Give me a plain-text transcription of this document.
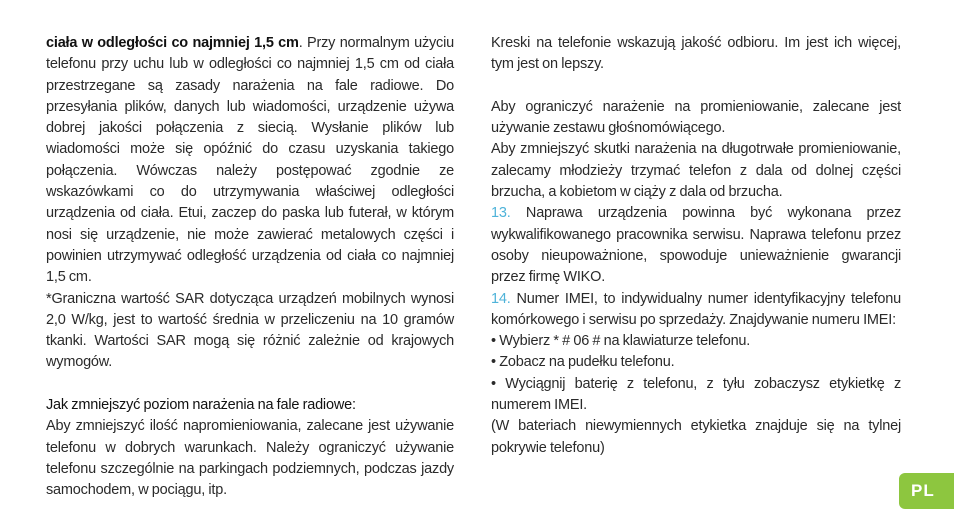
ciała w odległości co najmniej 1,5 cm. Przy normalnym użyciu telefonu przy uchu lub w odległości co najmniej 1,5 cm od ciała przestrzegane są zasady narażenia na fale radiowe. Do przesyłania plików, danych lub wiadomości, urządzenie używa dobrej jakości połączenia z siecią. Wysłanie plików lub wiadomości może się opóźnić do czasu uzyskania takiego połączenia. Wówczas należy postępować zgodnie ze wskazówkami co do utrzymywania właściwej odległości urządzenia od ciała. Etui, zaczep do paska lub futerał, w którym nosi się urządzenie, nie może zawierać metalowych części i powinien utrzymywać odległość urządzenia od ciała co najmniej 1,5 cm.

*Graniczna wartość SAR dotycząca urządzeń mobilnych wynosi 2,0 W/kg, jest to wartość średnia w przeliczeniu na 10 gramów tkanki. Wartości SAR mogą się różnić zależnie od krajowych wymogów.

Jak zmniejszyć poziom narażenia na fale radiowe:

Aby zmniejszyć ilość napromieniowania, zalecane jest używanie telefonu w dobrych warunkach. Należy ograniczyć używanie telefonu szczególnie na parkingach podziemnych, podczas jazdy samochodem, w pociągu, itp.

Kreski na telefonie wskazują jakość odbioru. Im jest ich więcej, tym jest on lepszy.

Aby ograniczyć narażenie na promieniowanie, zalecane jest używanie zestawu głośnomówiącego.

Aby zmniejszyć skutki narażenia na długotrwałe promieniowanie, zalecamy młodzieży trzymać telefon z dala od dolnej części brzucha, a kobietom w ciąży z dala od brzucha.

13. Naprawa urządzenia powinna być wykonana przez wykwalifikowanego pracownika serwisu. Naprawa telefonu przez osoby nieupoważnione, spowoduje unieważnienie gwarancji przez firmę WIKO.

14. Numer IMEI, to indywidualny numer identyfikacyjny telefonu komórkowego i serwisu po sprzedaży. Znajdywanie numeru IMEI:

• Wybierz * # 06 # na klawiaturze telefonu.

• Zobacz na pudełku telefonu.

• Wyciągnij baterię z telefonu, z tyłu zobaczysz etykietkę z numerem IMEI.

(W bateriach niewymiennych etykietka znajduje się na tylnej pokrywie telefonu)

PL
